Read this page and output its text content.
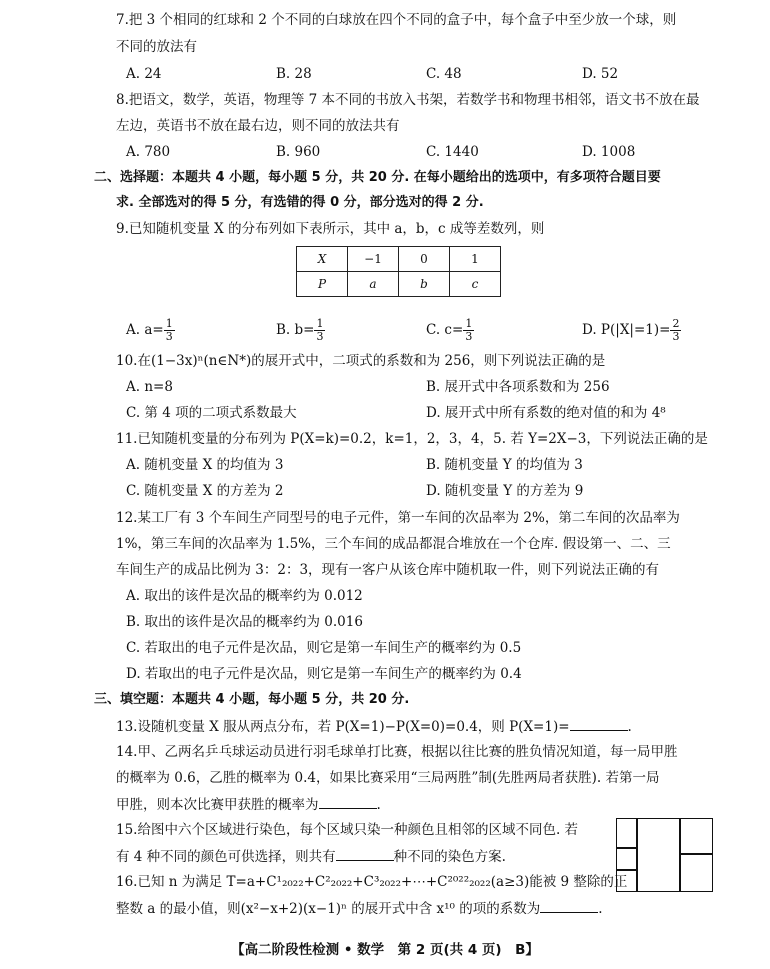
7.把 3 个相同的红球和 2 个不同的白球放在四个不同的盒子中，每个盒子中至少放一个球，则
不同的放法有
A. 24	B. 28	C. 48	D. 52
8.把语文，数学，英语，物理等 7 本不同的书放入书架，若数学书和物理书相邻，语文书不放在最
左边，英语书不放在最右边，则不同的放法共有
A. 780	B. 960	C. 1440	D. 1008
二、选择题：本题共 4 小题，每小题 5 分，共 20 分. 在每小题给出的选项中，有多项符合题目要
求. 全部选对的得 5 分，有选错的得 0 分，部分选对的得 2 分.
9.已知随机变量 X 的分布列如下表所示，其中 a，b，c 成等差数列，则
X	−1	0	1
P	a	b	c
A. $a= \frac{1}{3}$	B. $b= \frac{1}{3}$	C. $c= \frac{1}{3}$	D. $P(|X|=1)= \frac{2}{3}$
10.在(1−3x)ⁿ(n∈N*)的展开式中，二项式的系数和为 256，则下列说法正确的是
A. n=8	B. 展开式中各项系数和为 256
C. 第 4 项的二项式系数最大	D. 展开式中所有系数的绝对值的和为 4⁸
11.已知随机变量的分布列为 P(X=k)=0.2，k=1，2，3，4，5. 若 Y=2X−3，下列说法正确的是
A. 随机变量 X 的均值为 3	B. 随机变量 Y 的均值为 3
C. 随机变量 X 的方差为 2	D. 随机变量 Y 的方差为 9
12.某工厂有 3 个车间生产同型号的电子元件，第一车间的次品率为 2%，第二车间的次品率为
1%，第三车间的次品率为 1.5%，三个车间的成品都混合堆放在一个仓库. 假设第一、二、三
车间生产的成品比例为 3：2：3，现有一客户从该仓库中随机取一件，则下列说法正确的有
A. 取出的该件是次品的概率约为 0.012
B. 取出的该件是次品的概率约为 0.016
C. 若取出的电子元件是次品，则它是第一车间生产的概率约为 0.5
D. 若取出的电子元件是次品，则它是第一车间生产的概率约为 0.4
三、填空题：本题共 4 小题，每小题 5 分，共 20 分.
13.设随机变量 X 服从两点分布，若 P(X=1)−P(X=0)=0.4，则 P(X=1)=	.
14.甲、乙两名乒乓球运动员进行羽毛球单打比赛，根据以往比赛的胜负情况知道，每一局甲胜
的概率为 0.6，乙胜的概率为 0.4，如果比赛采用“三局两胜”制(先胜两局者获胜). 若第一局
甲胜，则本次比赛甲获胜的概率为	.
15.给图中六个区域进行染色，每个区域只染一种颜色且相邻的区域不同色. 若
有 4 种不同的颜色可供选择，则共有	种不同的染色方案.
16.已知 n 为满足 T=a+C¹₂₀₂₂+C²₂₀₂₂+C³₂₀₂₂+⋯+C²⁰²²₂₀₂₂(a≥3)能被 9 整除的正
整数 a 的最小值，则(x²−x+2)(x−1)ⁿ 的展开式中含 x¹⁰ 的项的系数为	.
【高二阶段性检测 • 数学　第 2 页(共 4 页)　B】
